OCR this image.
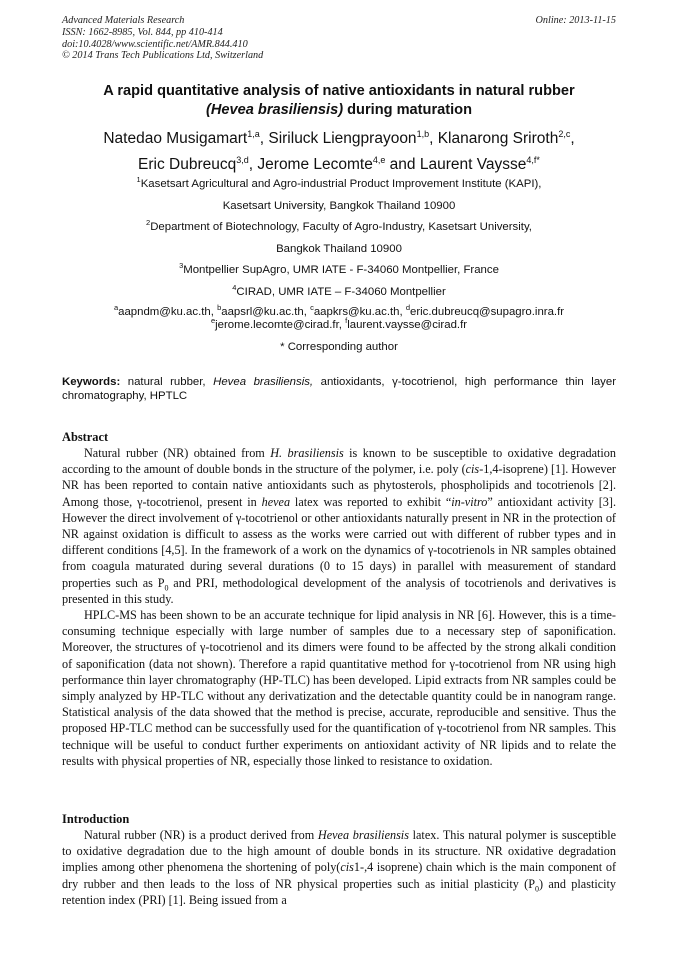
Advanced Materials Research
ISSN: 1662-8985, Vol. 844, pp 410-414
doi:10.4028/www.scientific.net/AMR.844.410
© 2014 Trans Tech Publications Ltd, Switzerland
Online: 2013-11-15
A rapid quantitative analysis of native antioxidants in natural rubber
(Hevea brasiliensis) during maturation
Natedao Musigamart$^{1,a}$, Siriluck Liengprayoon$^{1,b}$, Klanarong Sriroth$^{2,c}$,
Eric Dubreucq$^{3,d}$, Jerome Lecomte$^{4,e}$ and Laurent Vaysse$^{4,f*}$
$^1$Kasetsart Agricultural and Agro-industrial Product Improvement Institute (KAPI),
Kasetsart University, Bangkok Thailand 10900
$^2$Department of Biotechnology, Faculty of Agro-Industry, Kasetsart University,
Bangkok Thailand 10900
$^3$Montpellier SupAgro, UMR IATE - F-34060 Montpellier, France
$^4$CIRAD, UMR IATE – F-34060 Montpellier
$^a$aapndm@ku.ac.th, $^b$aapsrl@ku.ac.th, $^c$aapkrs@ku.ac.th, $^d$eric.dubreucq@supagro.inra.fr
$^e$jerome.lecomte@cirad.fr, $^f$laurent.vaysse@cirad.fr
* Corresponding author
Keywords: natural rubber, Hevea brasiliensis, antioxidants, γ-tocotrienol, high performance thin layer chromatography, HPTLC
Abstract

Natural rubber (NR) obtained from H. brasiliensis is known to be susceptible to oxidative degradation according to the amount of double bonds in the structure of the polymer, i.e. poly (cis-1,4-isoprene) [1]. However NR has been reported to contain native antioxidants such as phytosterols, phospholipids and tocotrienols [2]. Among those, γ-tocotrienol, present in hevea latex was reported to exhibit “in-vitro” antioxidant activity [3]. However the direct involvement of γ-tocotrienol or other antioxidants naturally present in NR in the protection of NR against oxidation is difficult to assess as the works were carried out with different of rubber types and in different conditions [4,5]. In the framework of a work on the dynamics of γ-tocotrienols in NR samples obtained from coagula maturated during several durations (0 to 15 days) in parallel with measurement of standard properties such as $P_0$ and PRI, methodological development of the analysis of tocotrienols and derivatives is presented in this study.

HPLC-MS has been shown to be an accurate technique for lipid analysis in NR [6]. However, this is a time-consuming technique especially with large number of samples due to a necessary step of saponification. Moreover, the structures of γ-tocotrienol and its dimers were found to be affected by the strong alkali condition of saponification (data not shown). Therefore a rapid quantitative method for γ-tocotrienol from NR using high performance thin layer chromatography (HP-TLC) has been developed. Lipid extracts from NR samples could be simply analyzed by HP-TLC without any derivatization and the detectable quantity could be in nanogram range. Statistical analysis of the data showed that the method is precise, accurate, reproducible and sensitive. Thus the proposed HP-TLC method can be successfully used for the quantification of γ-tocotrienol from NR samples. This technique will be useful to conduct further experiments on antioxidant activity of NR lipids and to relate the results with physical properties of NR, especially those linked to resistance to oxidation.

Introduction

Natural rubber (NR) is a product derived from Hevea brasiliensis latex. This natural polymer is susceptible to oxidative degradation due to the high amount of double bonds in its structure. NR oxidative degradation implies among other phenomena the shortening of poly(cis1-,4 isoprene) chain which is the main component of dry rubber and then leads to the loss of NR physical properties such as initial plasticity $(P_0)$ and plasticity retention index (PRI) [1]. Being issued from a
